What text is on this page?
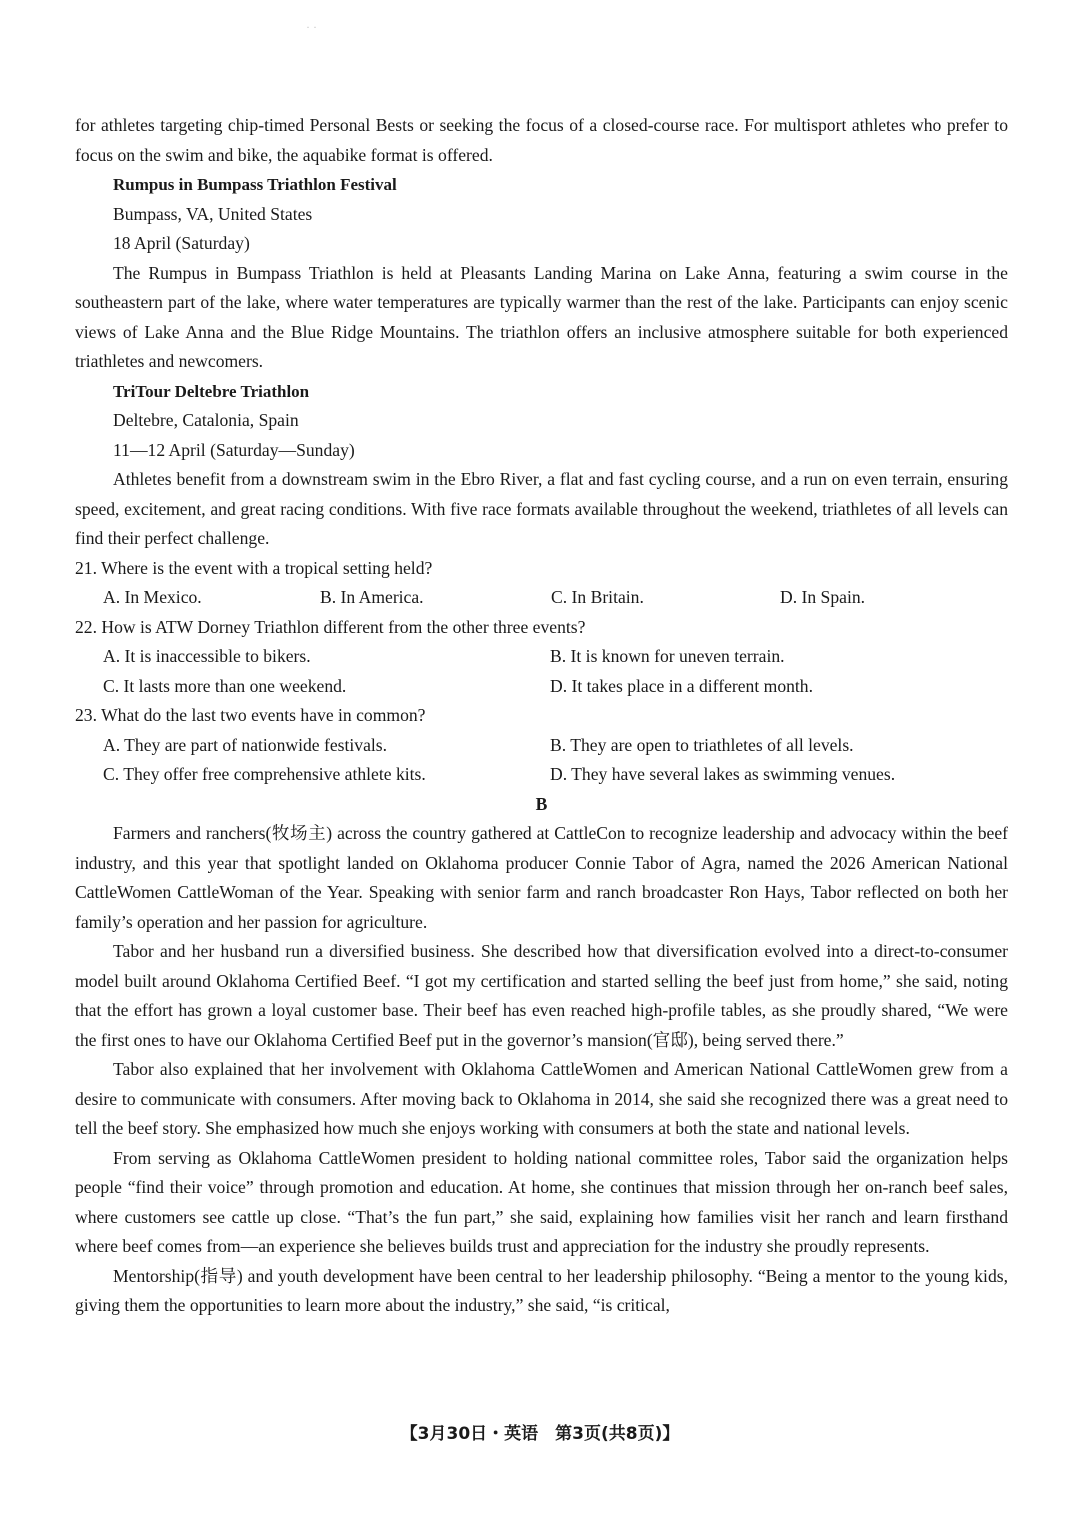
· ·

for athletes targeting chip-timed Personal Bests or seeking the focus of a closed-course race. For multisport athletes who prefer to focus on the swim and bike, the aquabike format is offered.

Rumpus in Bumpass Triathlon Festival

Bumpass, VA, United States

18 April (Saturday)

The Rumpus in Bumpass Triathlon is held at Pleasants Landing Marina on Lake Anna, featuring a swim course in the southeastern part of the lake, where water temperatures are typically warmer than the rest of the lake. Participants can enjoy scenic views of Lake Anna and the Blue Ridge Mountains. The triathlon offers an inclusive atmosphere suitable for both experienced triathletes and newcomers.

TriTour Deltebre Triathlon

Deltebre, Catalonia, Spain

11—12 April (Saturday—Sunday)

Athletes benefit from a downstream swim in the Ebro River, a flat and fast cycling course, and a run on even terrain, ensuring speed, excitement, and great racing conditions. With five race formats available throughout the weekend, triathletes of all levels can find their perfect challenge.

21. Where is the event with a tropical setting held?

A. In Mexico.	B. In America.	C. In Britain.	D. In Spain.

22. How is ATW Dorney Triathlon different from the other three events?

A. It is inaccessible to bikers.	B. It is known for uneven terrain.
C. It lasts more than one weekend.	D. It takes place in a different month.

23. What do the last two events have in common?

A. They are part of nationwide festivals.	B. They are open to triathletes of all levels.
C. They offer free comprehensive athlete kits.	D. They have several lakes as swimming venues.

B

Farmers and ranchers(牧场主) across the country gathered at CattleCon to recognize leadership and advocacy within the beef industry, and this year that spotlight landed on Oklahoma producer Connie Tabor of Agra, named the 2026 American National CattleWomen CattleWoman of the Year. Speaking with senior farm and ranch broadcaster Ron Hays, Tabor reflected on both her family’s operation and her passion for agriculture.

Tabor and her husband run a diversified business. She described how that diversification evolved into a direct-to-consumer model built around Oklahoma Certified Beef. “I got my certification and started selling the beef just from home,” she said, noting that the effort has grown a loyal customer base. Their beef has even reached high-profile tables, as she proudly shared, “We were the first ones to have our Oklahoma Certified Beef put in the governor’s mansion(官邸), being served there.”

Tabor also explained that her involvement with Oklahoma CattleWomen and American National CattleWomen grew from a desire to communicate with consumers. After moving back to Oklahoma in 2014, she said she recognized there was a great need to tell the beef story. She emphasized how much she enjoys working with consumers at both the state and national levels.

From serving as Oklahoma CattleWomen president to holding national committee roles, Tabor said the organization helps people “find their voice” through promotion and education. At home, she continues that mission through her on-ranch beef sales, where customers see cattle up close. “That’s the fun part,” she said, explaining how families visit her ranch and learn firsthand where beef comes from—an experience she believes builds trust and appreciation for the industry she proudly represents.

Mentorship(指导) and youth development have been central to her leadership philosophy. “Being a mentor to the young kids, giving them the opportunities to learn more about the industry,” she said, “is critical,

【3月30日・英语　第3页(共8页)】
